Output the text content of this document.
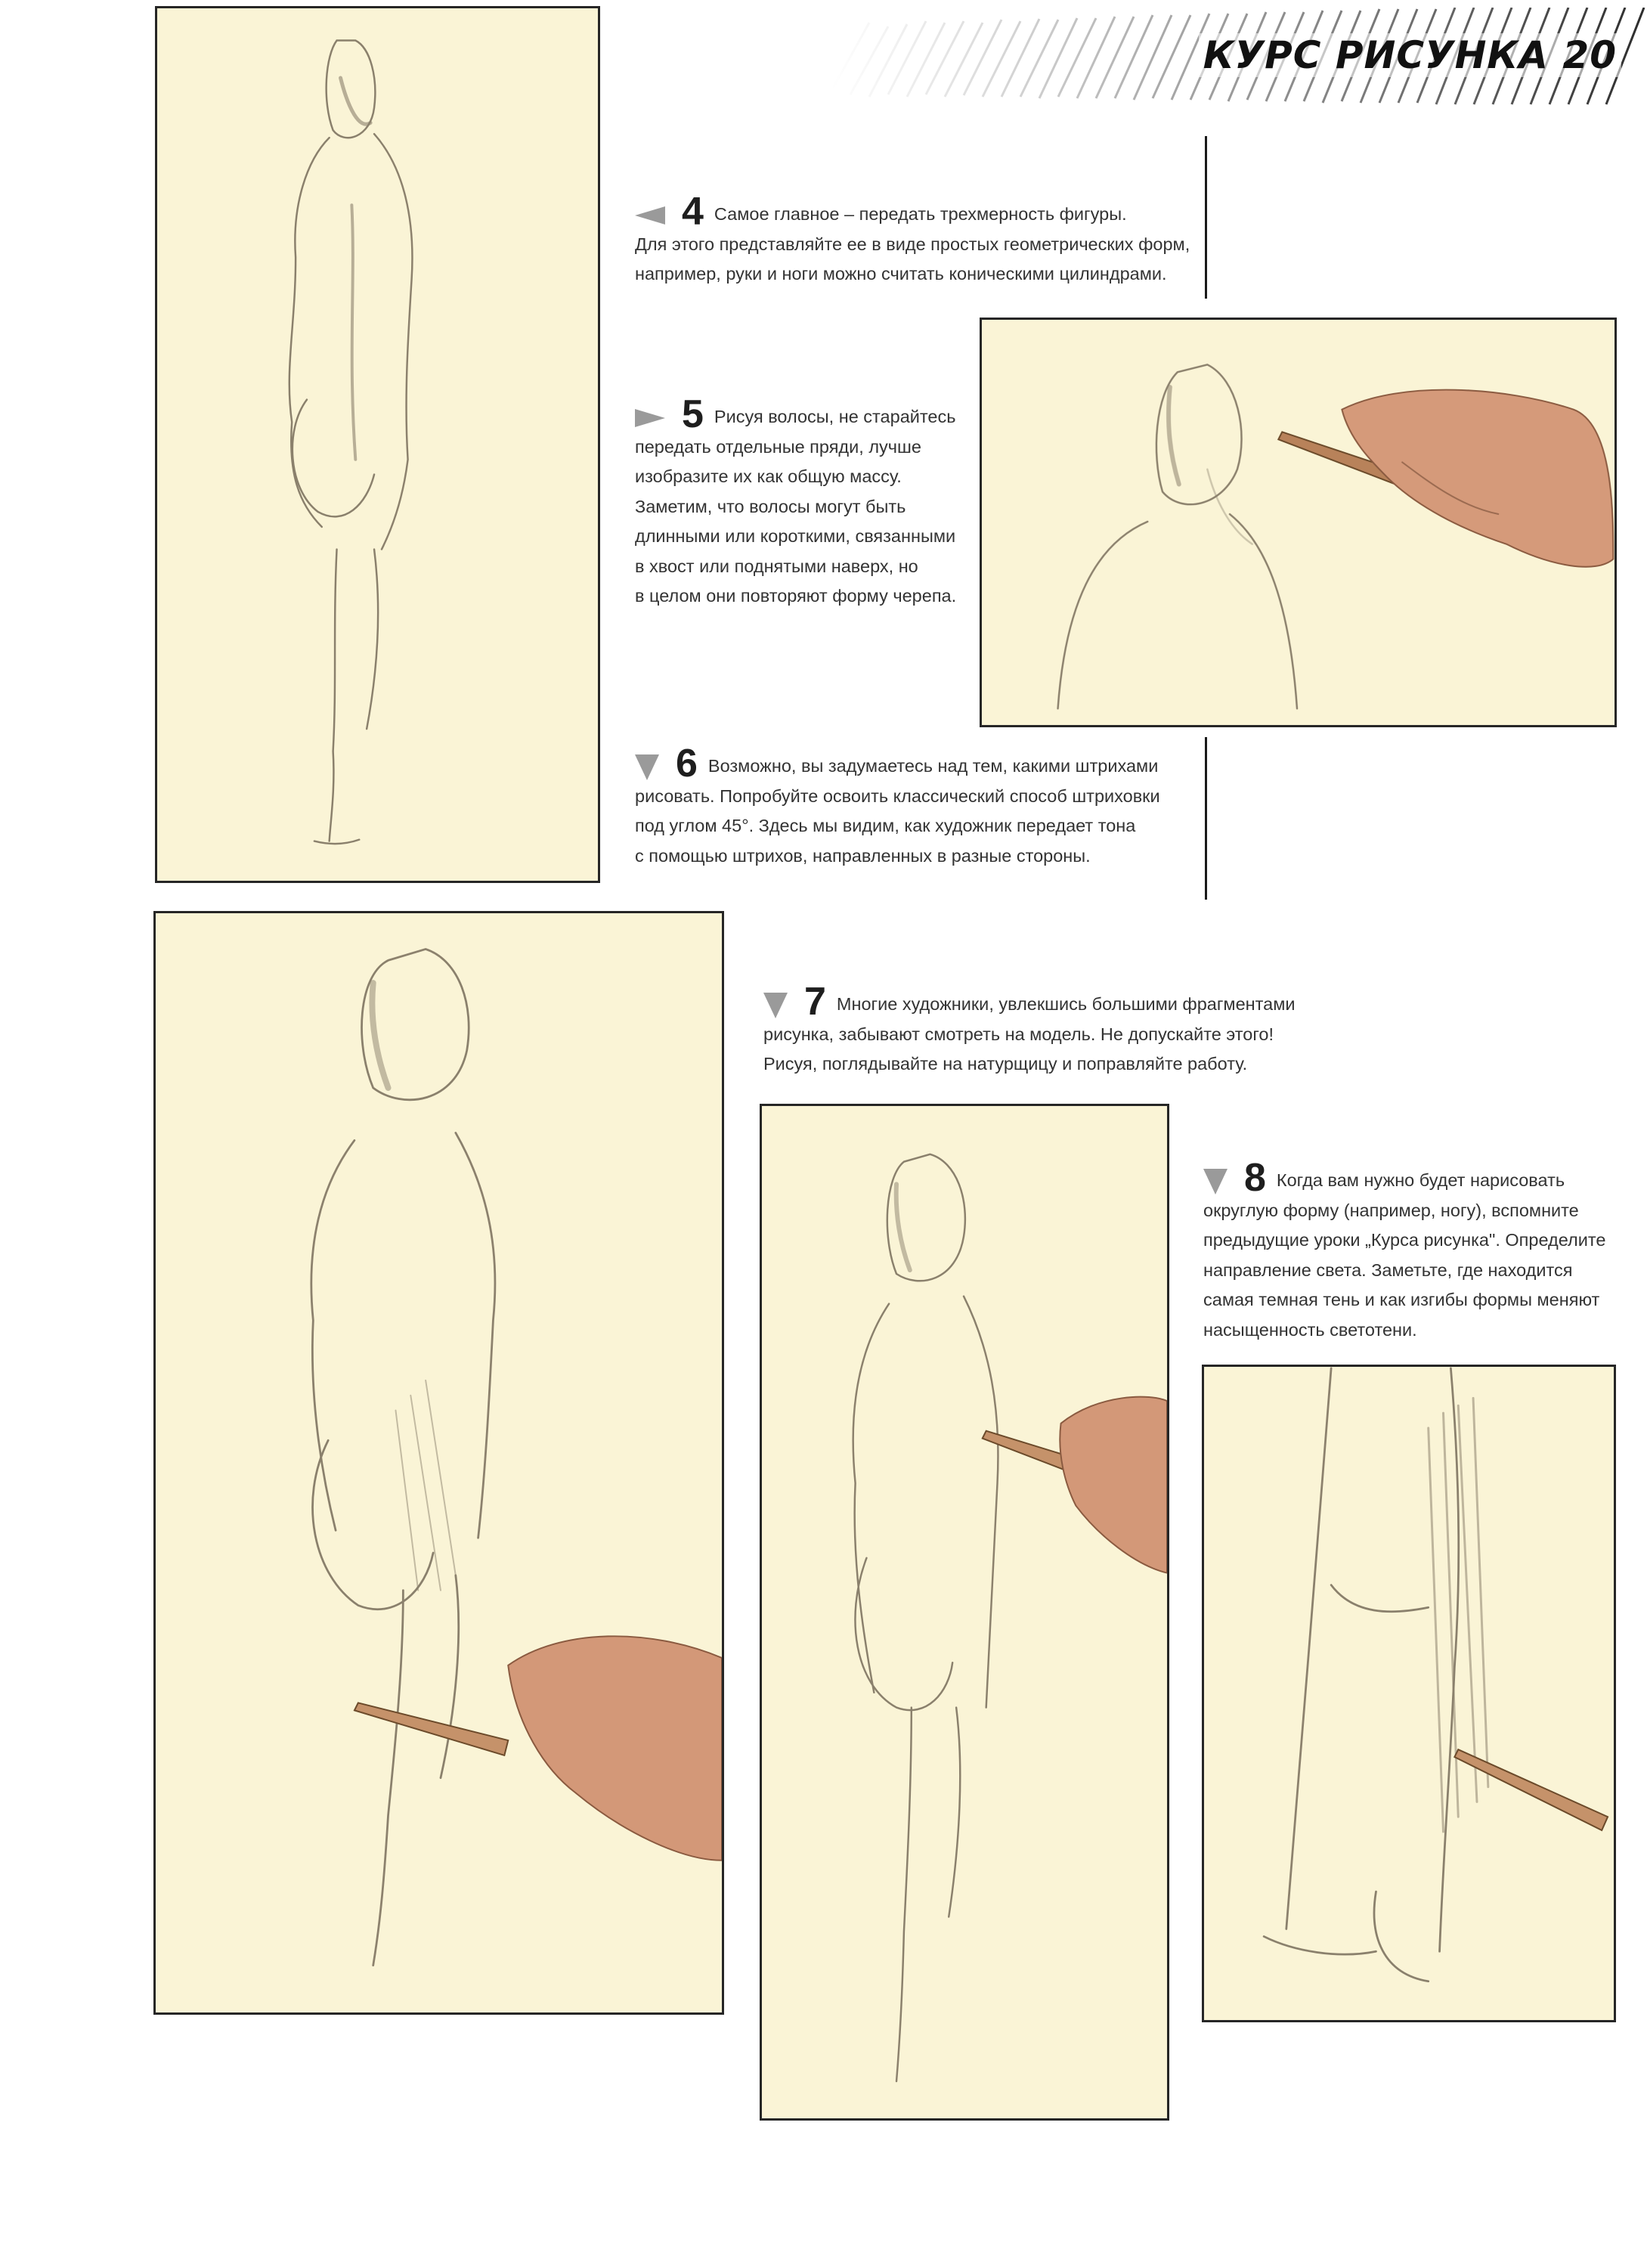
КУРС РИСУНКА 20
4 Самое главное – передать трехмерность фигуры.
Для этого представляйте ее в виде простых геометрических форм,
например, руки и ноги можно считать коническими цилиндрами.
5 Рисуя волосы, не старайтесь
передать отдельные пряди, лучше
изобразите их как общую массу.
Заметим, что волосы могут быть
длинными или короткими, связанными
в хвост или поднятыми наверх, но
в целом они повторяют форму черепа.
6 Возможно, вы задумаетесь над тем, какими штрихами
рисовать. Попробуйте освоить классический способ штриховки
под углом 45°. Здесь мы видим, как художник передает тона
с помощью штрихов, направленных в разные стороны.
7 Многие художники, увлекшись большими фрагментами
рисунка, забывают смотреть на модель. Не допускайте этого!
Рисуя, поглядывайте на натурщицу и поправляйте работу.
8 Когда вам нужно будет нарисовать
округлую форму (например, ногу), вспомните
предыдущие уроки „Курса рисунка". Определите
направление света. Заметьте, где находится
самая темная тень и как изгибы формы меняют
насыщенность светотени.
